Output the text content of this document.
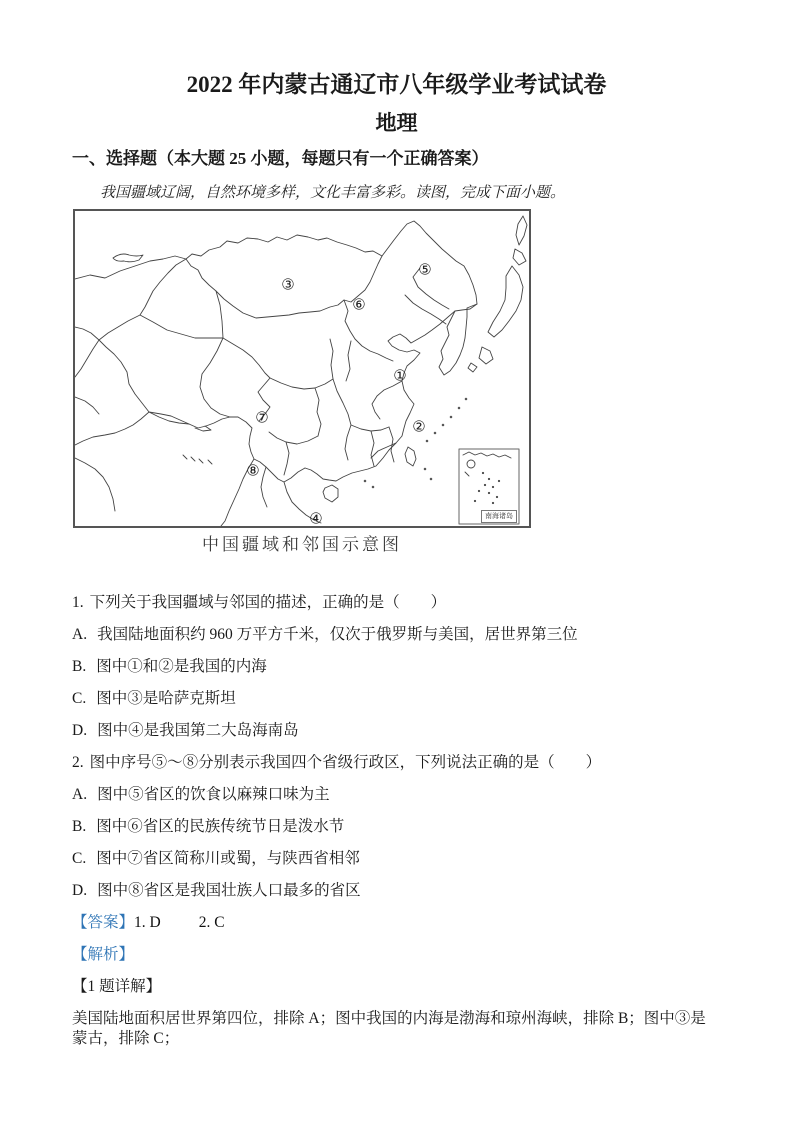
2022 年内蒙古通辽市八年级学业考试试卷
地理
一、选择题（本大题 25 小题，每题只有一个正确答案）

我国疆域辽阔，自然环境多样，文化丰富多彩。读图，完成下面小题。

①
②
③
④
⑤
⑥
⑦
⑧
南海诸岛
中国疆域和邻国示意图

1. 下列关于我国疆域与邻国的描述，正确的是（　　）

A. 我国陆地面积约 960 万平方千米，仅次于俄罗斯与美国，居世界第三位

B. 图中①和②是我国的内海

C. 图中③是哈萨克斯坦

D. 图中④是我国第二大岛海南岛

2. 图中序号⑤～⑧分别表示我国四个省级行政区，下列说法正确的是（　　）

A. 图中⑤省区的饮食以麻辣口味为主

B. 图中⑥省区的民族传统节日是泼水节

C. 图中⑦省区简称川或蜀，与陕西省相邻

D. 图中⑧省区是我国壮族人口最多的省区

【答案】1. D 2. C

【解析】

【1 题详解】

美国陆地面积居世界第四位，排除 A；图中我国的内海是渤海和琼州海峡，排除 B；图中③是蒙古，排除 C；
